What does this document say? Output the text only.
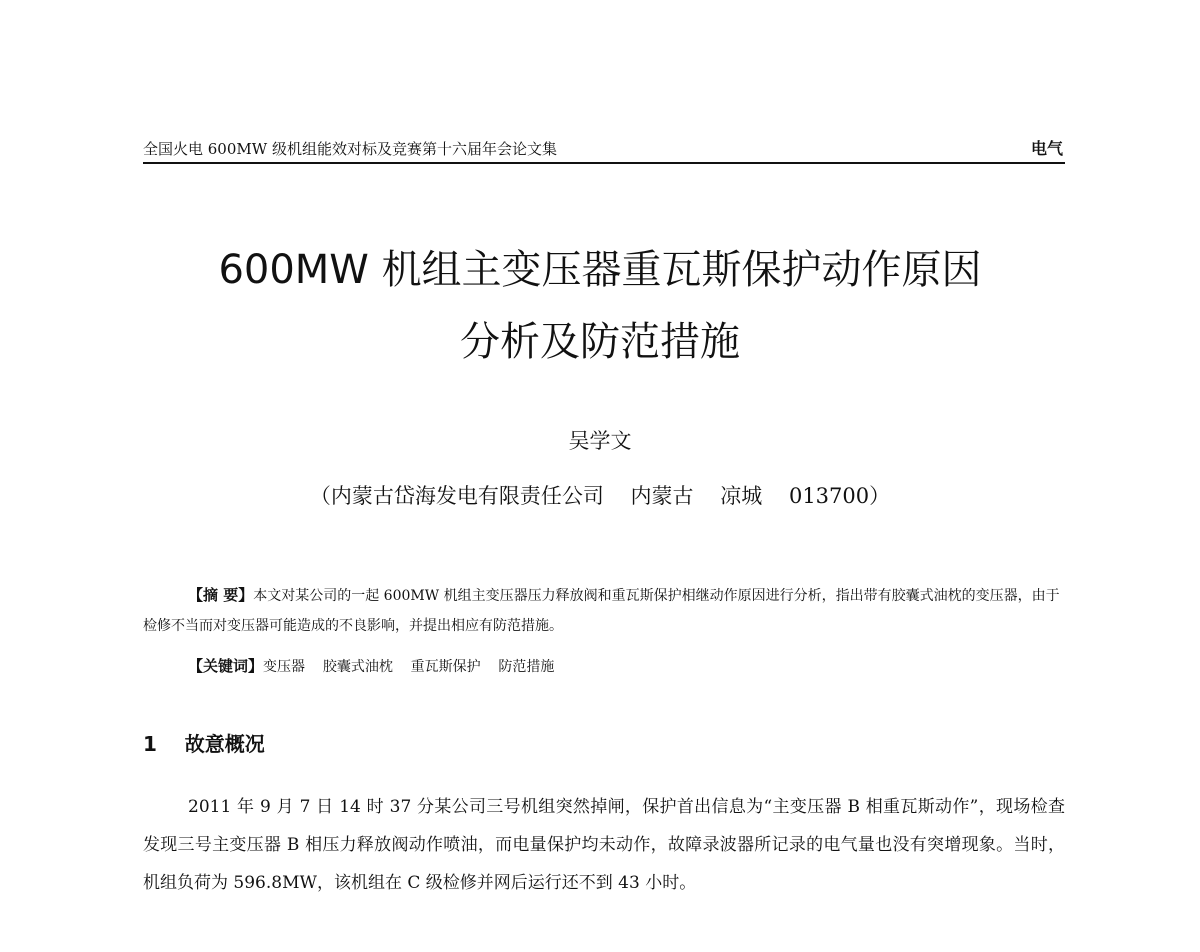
全国火电 600MW 级机组能效对标及竞赛第十六届年会论文集	电气
600MW 机组主变压器重瓦斯保护动作原因
分析及防范措施
吴学文
（内蒙古岱海发电有限责任公司    内蒙古    凉城    013700）

【摘 要】本文对某公司的一起 600MW 机组主变压器压力释放阀和重瓦斯保护相继动作原因进行分析，指出带有胶囊式油枕的变压器，由于检修不当而对变压器可能造成的不良影响，并提出相应有防范措施。

【关键词】变压器    胶囊式油枕    重瓦斯保护    防范措施
1    故意概况

2011 年 9 月 7 日 14 时 37 分某公司三号机组突然掉闸，保护首出信息为“主变压器 B 相重瓦斯动作”，现场检查发现三号主变压器 B 相压力释放阀动作喷油，而电量保护均未动作，故障录波器所记录的电气量也没有突增现象。当时，机组负荷为 596.8MW，该机组在 C 级检修并网后运行还不到 43 小时。
